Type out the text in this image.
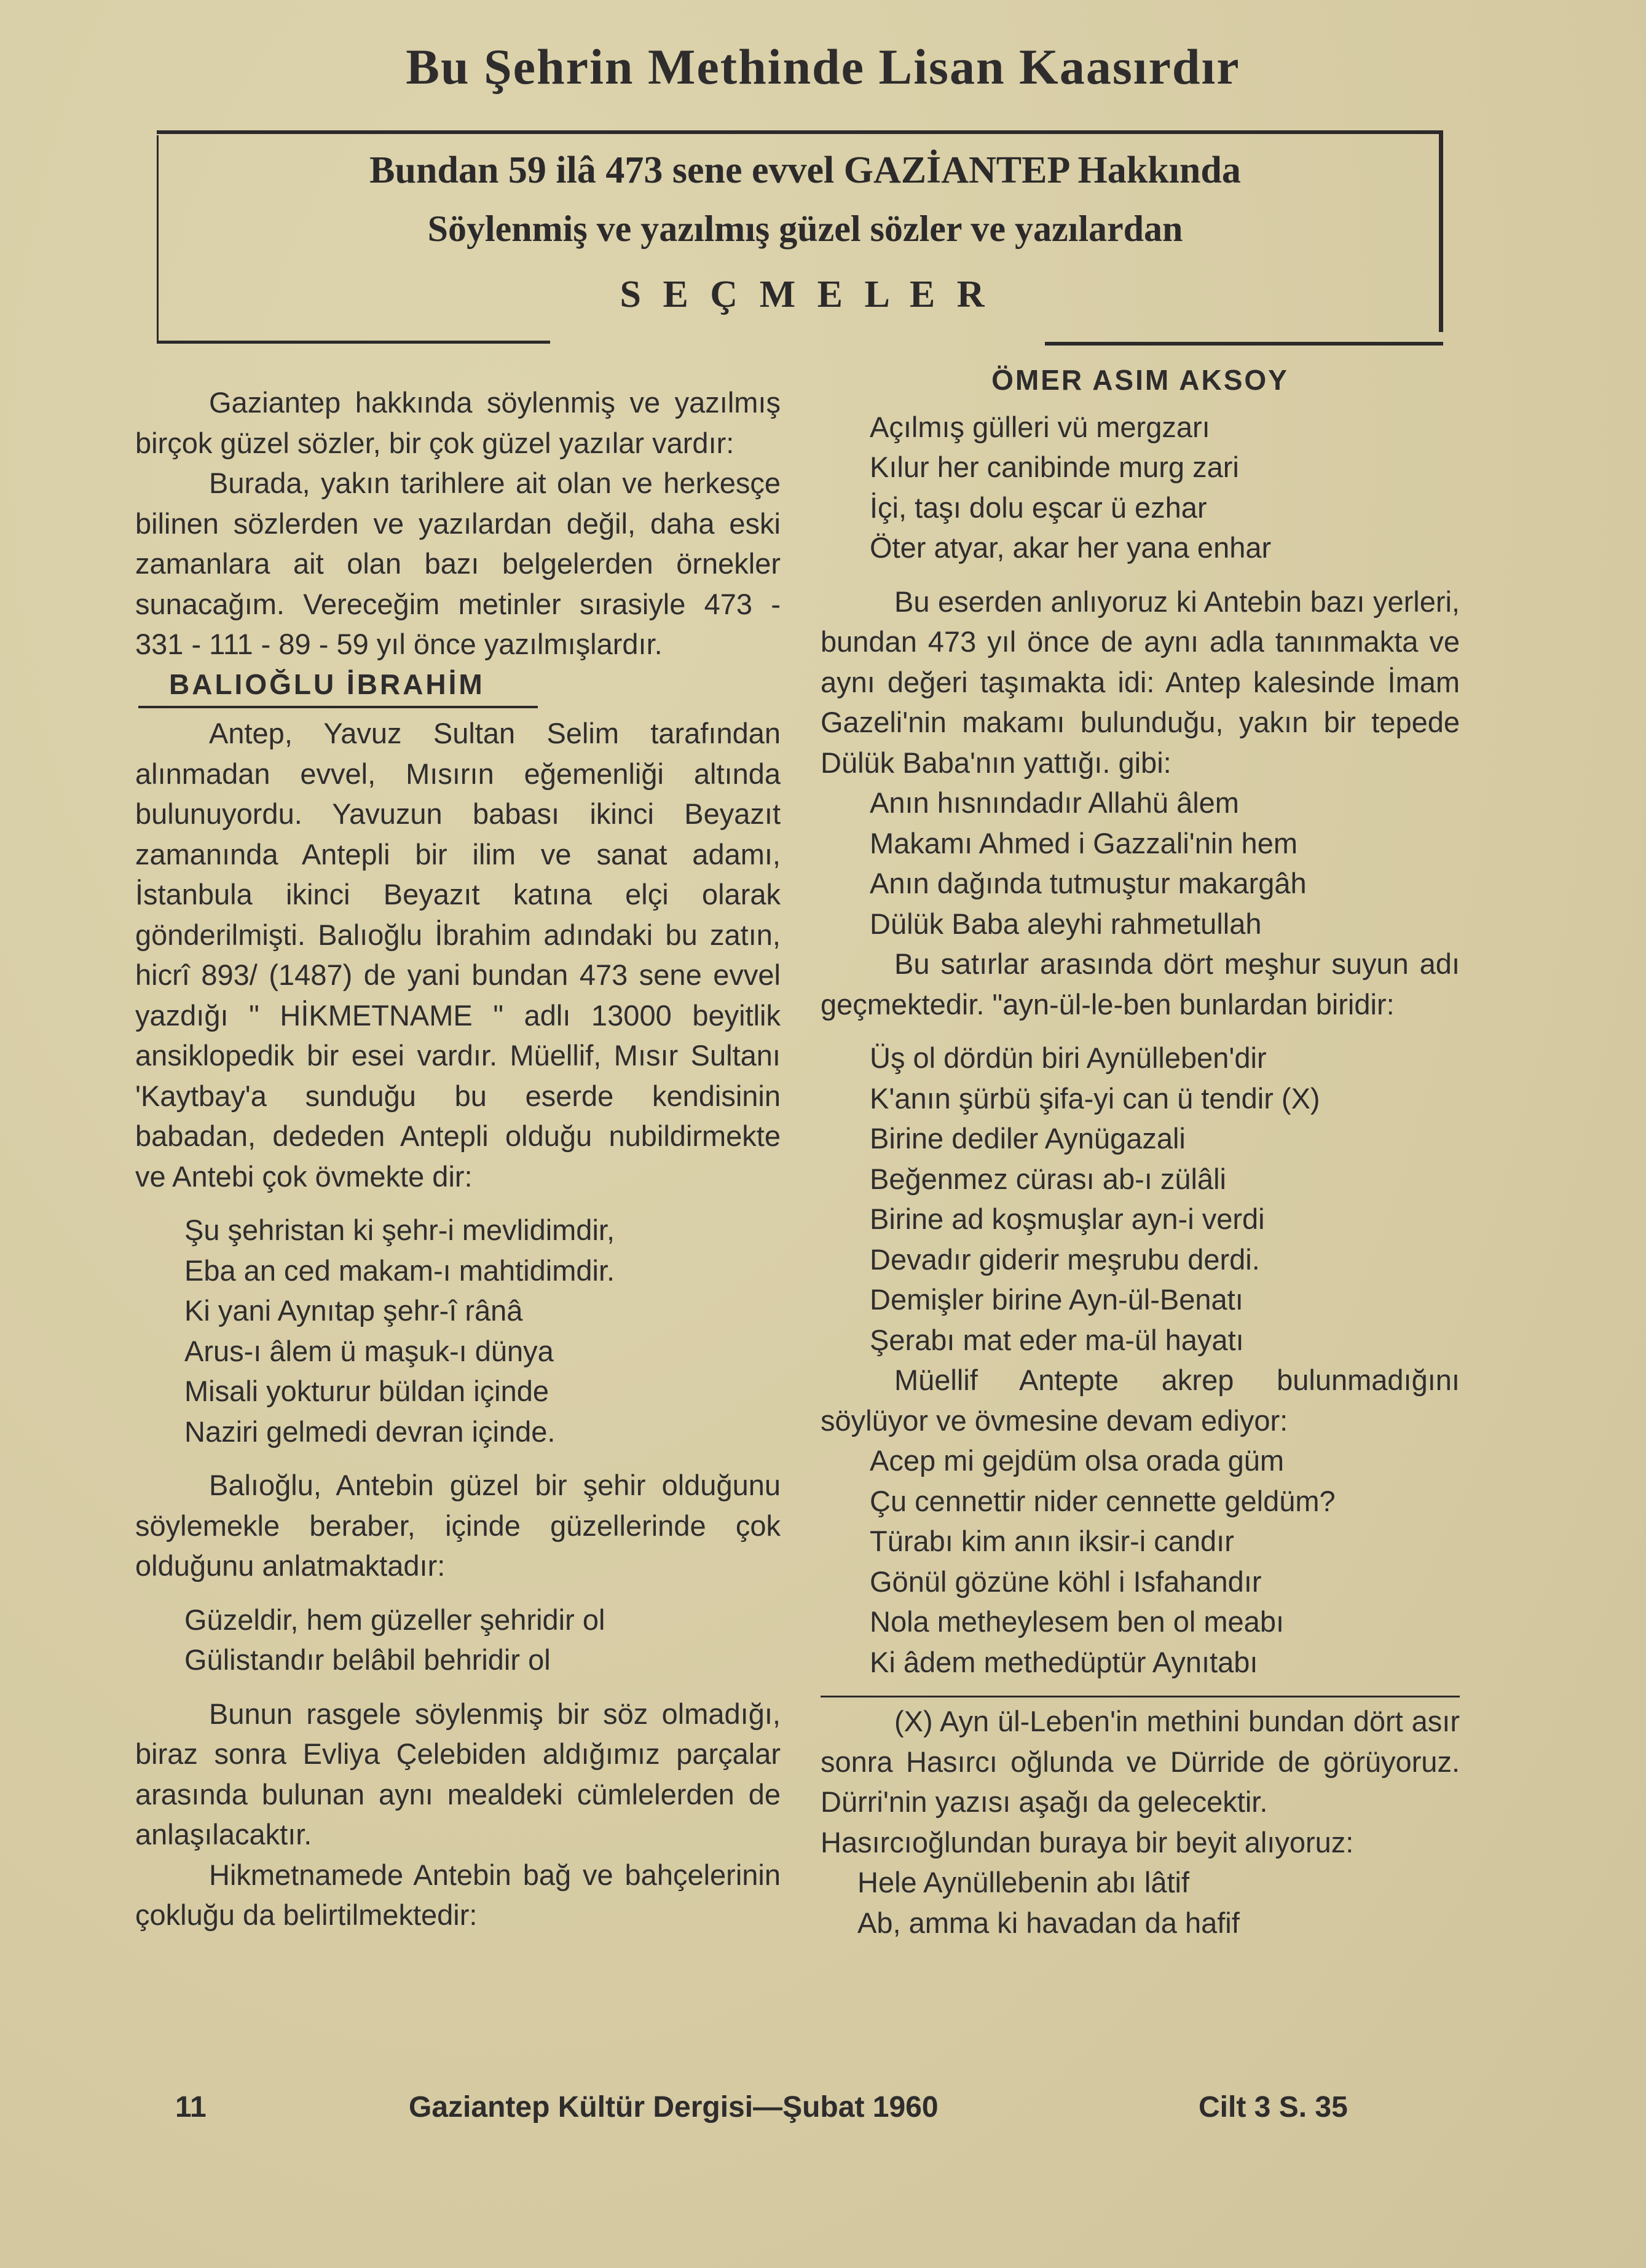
Bu Şehrin Methinde Lisan Kaasırdır
Bundan 59 ilâ 473 sene evvel GAZİANTEP Hakkında
Söylenmiş ve yazılmış güzel sözler ve yazılardan
S E Ç M E L E R

Gaziantep hakkında söylenmiş ve yazılmış birçok güzel sözler, bir çok güzel yazılar vardır:

Burada, yakın tarihlere ait olan ve herkesçe bilinen sözlerden ve yazılardan değil, daha eski zamanlara ait olan bazı belgelerden örnekler sunacağım. Vereceğim metinler sırasiyle 473 - 331 - 111 - 89 - 59 yıl önce yazılmışlardır.

BALIOĞLU İBRAHİM

Antep, Yavuz Sultan Selim tarafından alınmadan evvel, Mısırın eğemenliği altında bulunuyordu. Yavuzun babası ikinci Beyazıt zamanında Antepli bir ilim ve sanat adamı, İstanbula ikinci Beyazıt katına elçi olarak gönderilmişti. Balıoğlu İbrahim adındaki bu zatın, hicrî 893/ (1487) de yani bundan 473 sene evvel yazdığı " HİKMETNAME " adlı 13000 beyitlik ansiklopedik bir esei vardır. Müellif, Mısır Sultanı 'Kaytbay'a sunduğu bu eserde kendisinin babadan, dededen Antepli olduğu nubildirmekte ve Antebi çok övmekte dir:

Şu şehristan ki şehr-i mevlidimdir,
Eba an ced makam-ı mahtidimdir.
Ki yani Aynıtap şehr-î rânâ
Arus-ı âlem ü maşuk-ı dünya
Misali yokturur büldan içinde
Naziri gelmedi devran içinde.

Balıoğlu, Antebin güzel bir şehir olduğunu söylemekle beraber, içinde güzellerinde çok olduğunu anlatmaktadır:

Güzeldir, hem güzeller şehridir ol
Gülistandır belâbil behridir ol

Bunun rasgele söylenmiş bir söz olmadığı, biraz sonra Evliya Çelebiden aldığımız parçalar arasında bulunan aynı mealdeki cümlelerden de anlaşılacaktır.

Hikmetnamede Antebin bağ ve bahçelerinin çokluğu da belirtilmektedir:

ÖMER ASIM AKSOY
Açılmış gülleri vü mergzarı
Kılur her canibinde murg zari
İçi, taşı dolu eşcar ü ezhar
Öter atyar, akar her yana enhar

Bu eserden anlıyoruz ki Antebin bazı yerleri, bundan 473 yıl önce de aynı adla tanınmakta ve aynı değeri taşımakta idi: Antep kalesinde İmam Gazeli'nin makamı bulunduğu, yakın bir tepede Dülük Baba'nın yattığı. gibi:

Anın hısnındadır Allahü âlem
Makamı Ahmed i Gazzali'nin hem
Anın dağında tutmuştur makargâh
Dülük Baba aleyhi rahmetullah

Bu satırlar arasında dört meşhur suyun adı geçmektedir. "ayn-ül-le-ben bunlardan biridir:

Üş ol dördün biri Aynülleben'dir
K'anın şürbü şifa-yi can ü tendir (X)
Birine dediler Aynügazali
Beğenmez cürası ab-ı zülâli
Birine ad koşmuşlar ayn-i verdi
Devadır giderir meşrubu derdi.
Demişler birine Ayn-ül-Benatı
Şerabı mat eder ma-ül hayatı

Müellif Antepte akrep bulunmadığını söylüyor ve övmesine devam ediyor:

Acep mi gejdüm olsa orada güm
Çu cennettir nider cennette geldüm?
Türabı kim anın iksir-i candır
Gönül gözüne köhl i Isfahandır
Nola metheylesem ben ol meabı
Ki âdem methedüptür Aynıtabı

(X) Ayn ül-Leben'in methini bundan dört asır sonra Hasırcı oğlunda ve Dürride de görüyoruz. Dürri'nin yazısı aşağı da gelecektir.

Hasırcıoğlundan buraya bir beyit alıyoruz:

Hele Aynüllebenin abı lâtif
Ab, amma ki havadan da hafif
11	Gaziantep Kültür Dergisi—Şubat 1960	Cilt 3 S. 35
